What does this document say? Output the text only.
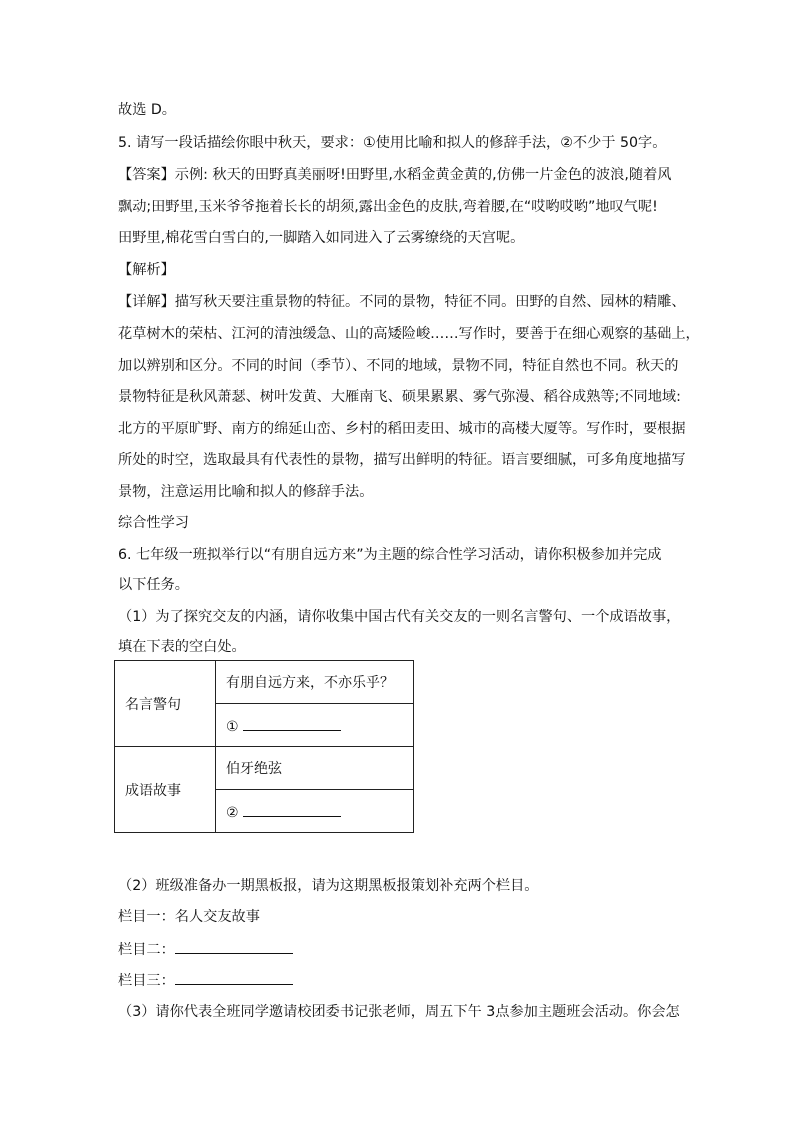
故选 D。
5. 请写一段话描绘你眼中秋天，要求：①使用比喻和拟人的修辞手法，②不少于 50字。
【答案】示例: 秋天的田野真美丽呀!田野里,水稻金黄金黄的,仿佛一片金色的波浪,随着风
飘动;田野里,玉米爷爷拖着长长的胡须,露出金色的皮肤,弯着腰,在“哎哟哎哟”地叹气呢!
田野里,棉花雪白雪白的,一脚踏入如同进入了云雾缭绕的天宫呢。
【解析】
【详解】描写秋天要注重景物的特征。不同的景物，特征不同。田野的自然、园林的精雕、
花草树木的荣枯、江河的清浊缓急、山的高矮险峻……写作时，要善于在细心观察的基础上，
加以辨别和区分。不同的时间（季节）、不同的地域，景物不同，特征自然也不同。秋天的
景物特征是秋风萧瑟、树叶发黄、大雁南飞、硕果累累、雾气弥漫、稻谷成熟等;不同地域:
北方的平原旷野、南方的绵延山峦、乡村的稻田麦田、城市的高楼大厦等。写作时，要根据
所处的时空，选取最具有代表性的景物，描写出鲜明的特征。语言要细腻，可多角度地描写
景物，注意运用比喻和拟人的修辞手法。
综合性学习
6. 七年级一班拟举行以“有朋自远方来”为主题的综合性学习活动，请你积极参加并完成
以下任务。
（1）为了探究交友的内涵，请你收集中国古代有关交友的一则名言警句、一个成语故事，
填在下表的空白处。
名言警句	有朋自远方来，不亦乐乎？
	①
成语故事	伯牙绝弦
	②
（2）班级准备办一期黑板报，请为这期黑板报策划补充两个栏目。
栏目一：名人交友故事
栏目二：
栏目三：
（3）请你代表全班同学邀请校团委书记张老师，周五下午 3点参加主题班会活动。你会怎
